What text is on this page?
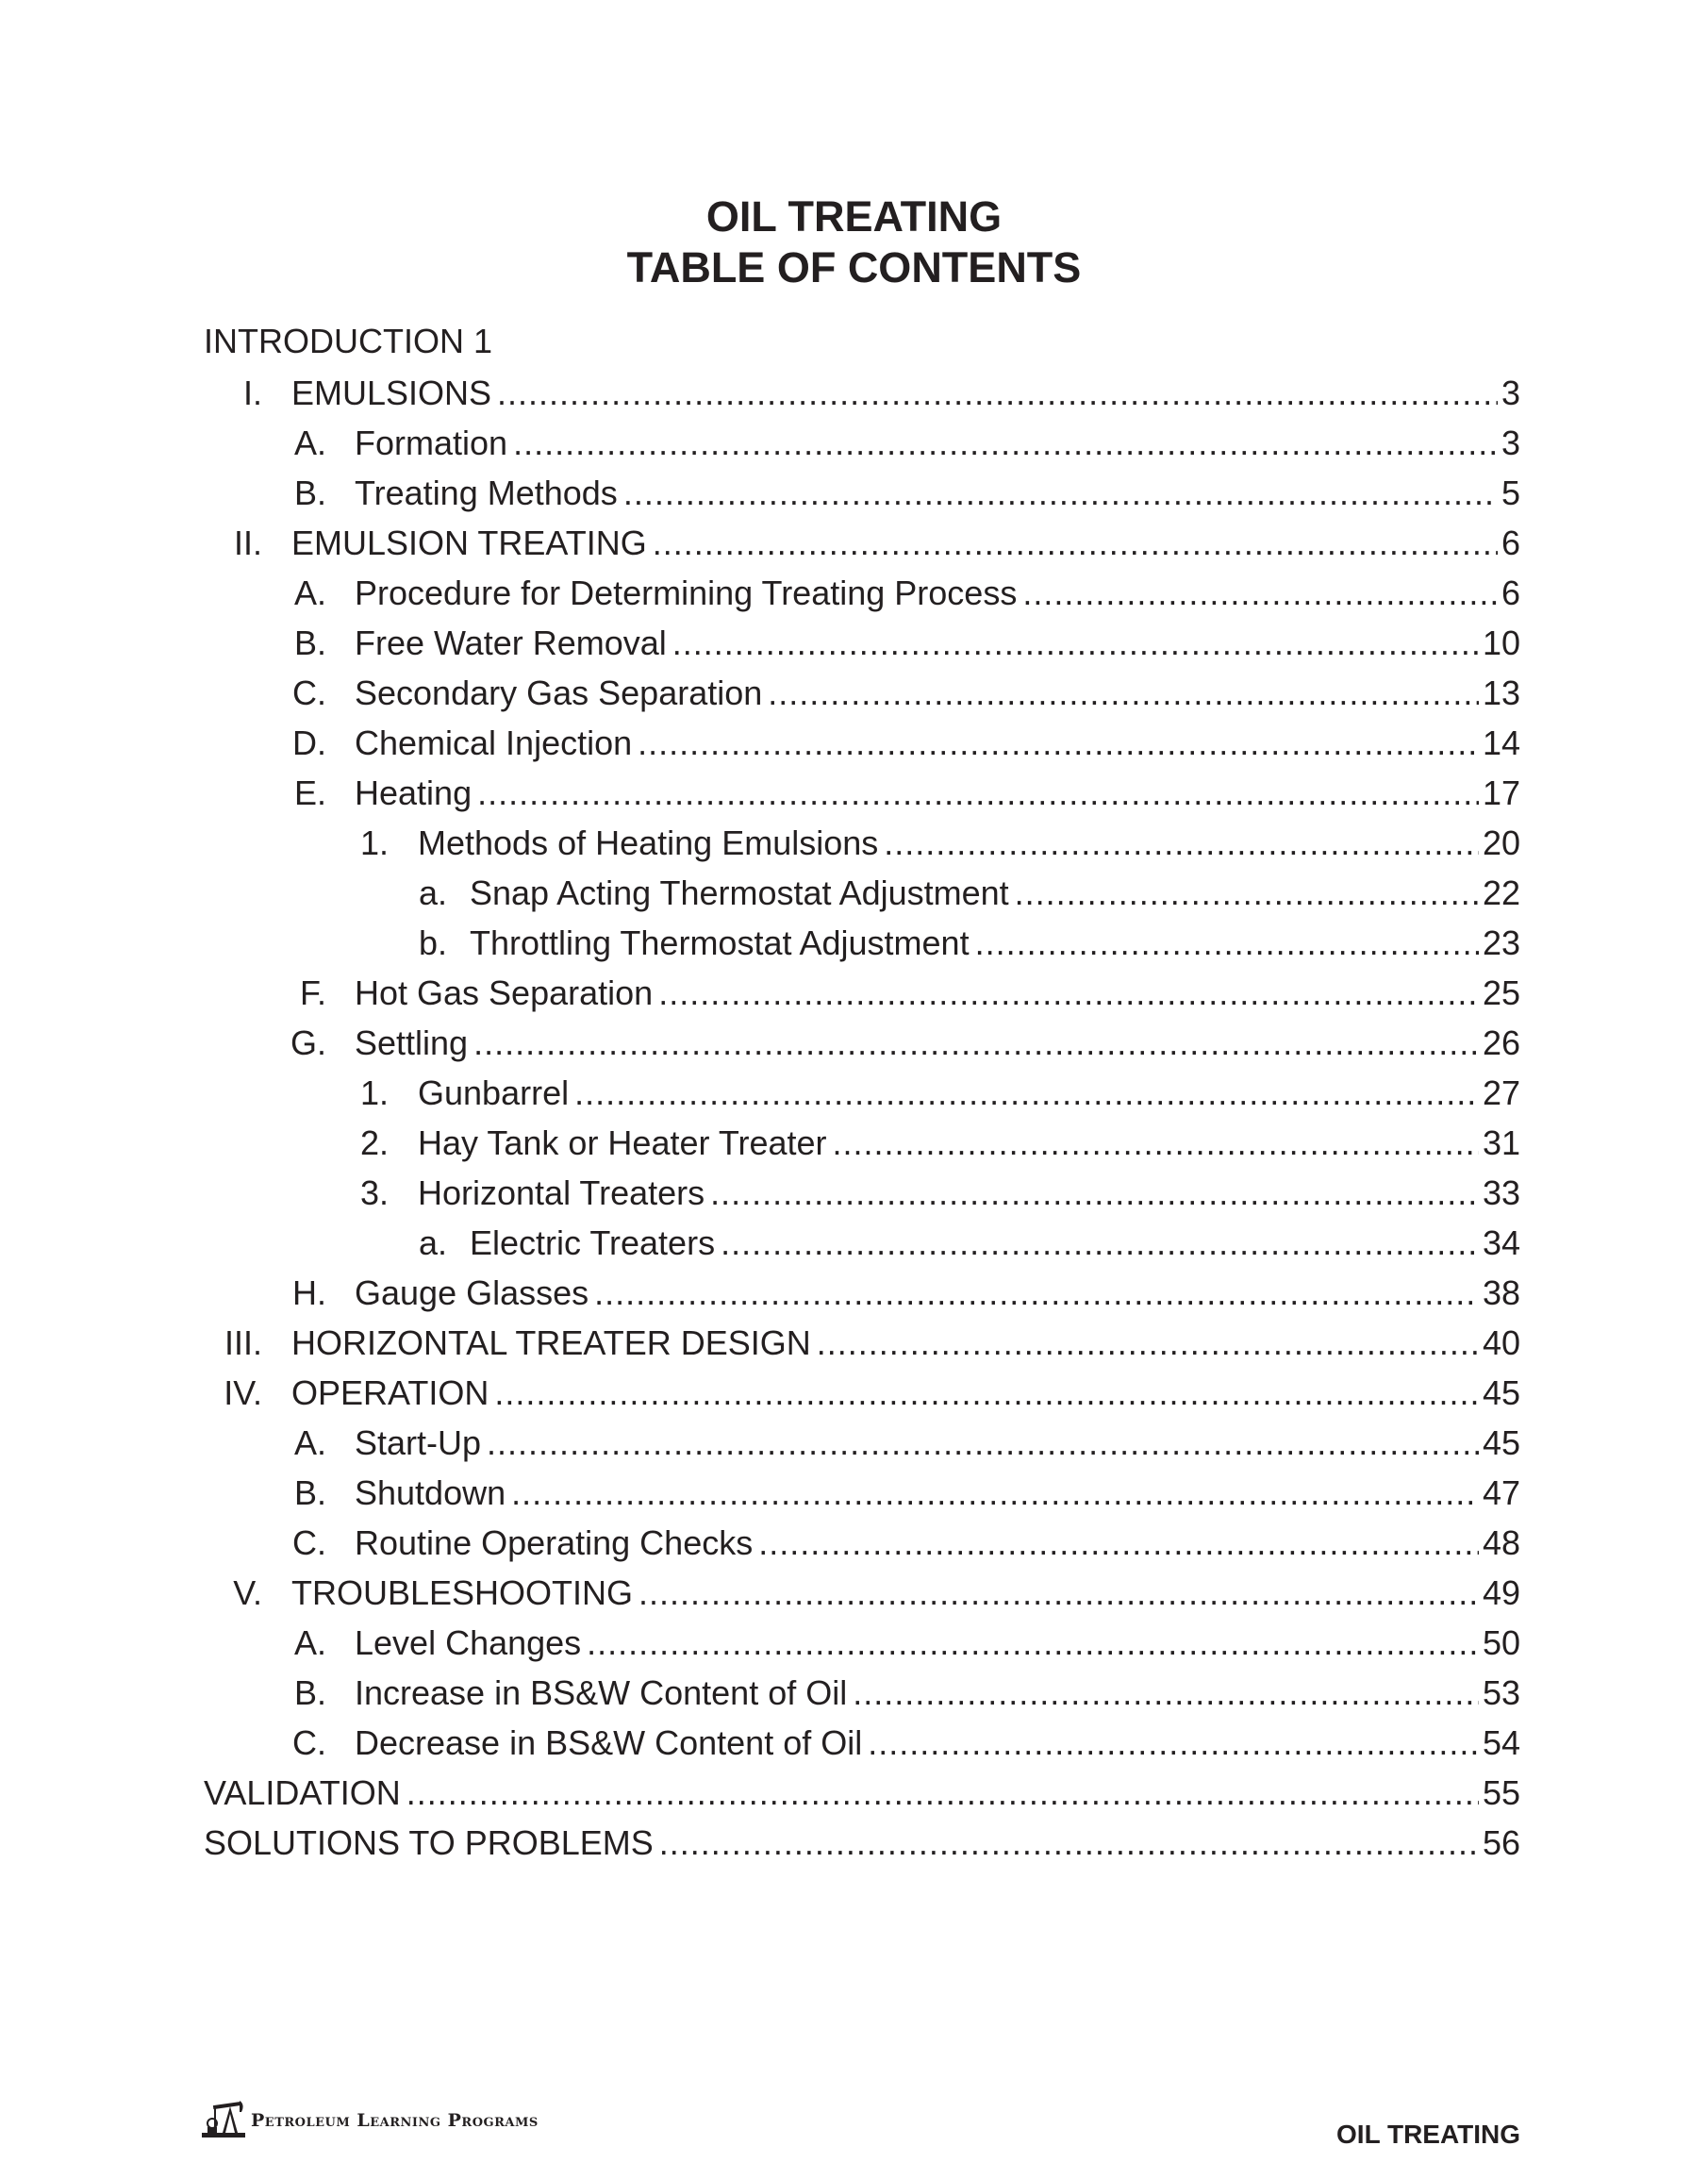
OIL TREATING
TABLE OF CONTENTS
INTRODUCTION 1
I. EMULSIONS .....	3
A. Formation .....	3
B. Treating Methods .....	5
II. EMULSION TREATING .....	6
A. Procedure for Determining Treating Process .....	6
B. Free Water Removal .....	10
C. Secondary Gas Separation .....	13
D. Chemical Injection .....	14
E. Heating .....	17
1. Methods of Heating Emulsions .....	20
a. Snap Acting Thermostat Adjustment .....	22
b. Throttling Thermostat Adjustment .....	23
F. Hot Gas Separation .....	25
G. Settling .....	26
1. Gunbarrel .....	27
2. Hay Tank or Heater Treater .....	31
3. Horizontal Treaters .....	33
a. Electric Treaters .....	34
H. Gauge Glasses .....	38
III. HORIZONTAL TREATER DESIGN .....	40
IV. OPERATION .....	45
A. Start-Up .....	45
B. Shutdown .....	47
C. Routine Operating Checks .....	48
V. TROUBLESHOOTING .....	49
A. Level Changes .....	50
B. Increase in BS&W Content of Oil .....	53
C. Decrease in BS&W Content of Oil .....	54
VALIDATION .....	55
SOLUTIONS TO PROBLEMS .....	56
Petroleum Learning Programs	OIL TREATING
